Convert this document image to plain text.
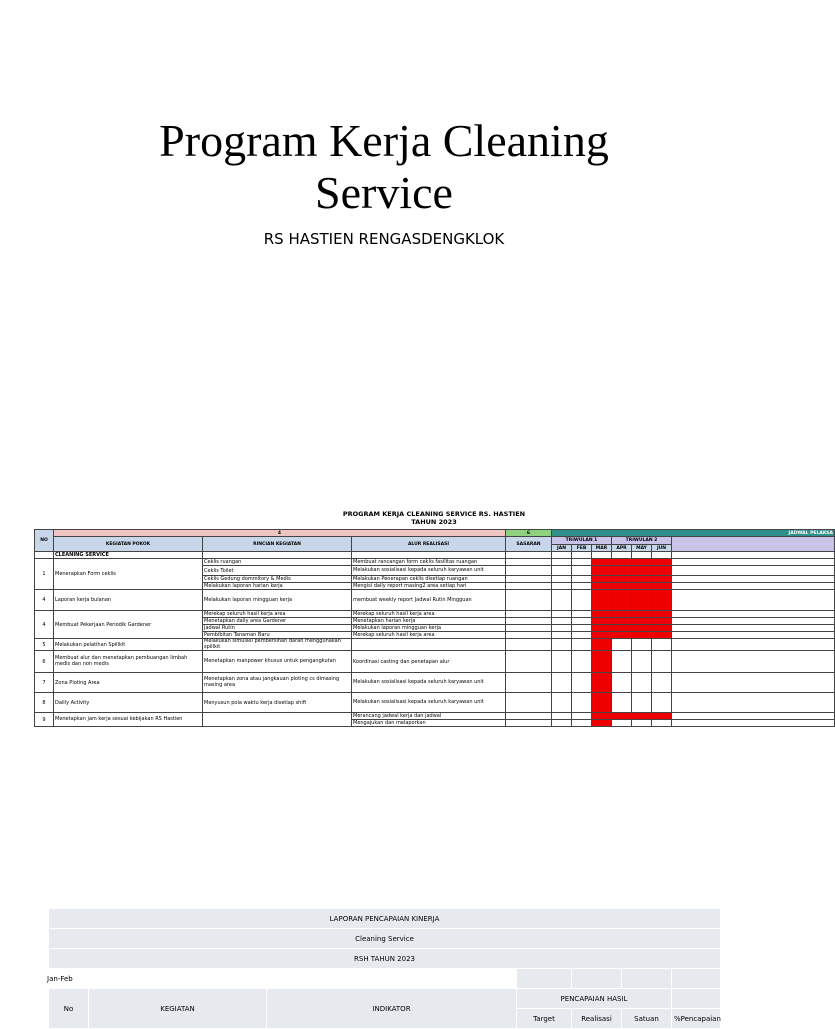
Program Kerja Cleaning
Service
RS HASTIEN RENGASDENGKLOK
PROGRAM KERJA CLEANING SERVICE RS. HASTIEN
TAHUN 2023
NO	4			6	JADWAL PELAKSA						
	KEGIATAN POKOK	RINCIAN KEGIATAN	ALUR REALISASI	SASARAN	TRIWULAN 1			TRIWULAN 2			
					JAN	FEB	MAR	APR	MAY	JUN	
	CLEANING SERVICE										
1	Menerapkan Form ceklis	Ceklis ruangan	Membuat rancangan form ceklis fasilitas ruangan								
		Ceklis Toilet	Melakukan sosialisasi kepada seluruh karyawan unit								
		Ceklis Gedung dommitory & Medis	Melakukan Penerapan ceklis disetiap ruangan								
		Melakukan laporan harian kerja	Mengisi daily report masing2 area setiap hari								
4	Laporan kerja bulanan	Melakukan laporan mingguan kerja	membuat weekly report Jadwal Rutin Mingguan								
4	Membuat Pekerjaan Periodik Gardener	Merekap seluruh hasil kerja area	Merekap seluruh hasil kerja area								
		Menetapkan daily area Gardener	Menetapkan harian kerja								
		Jadwal Rutin	Melakukan laporan mingguan kerja								
		Pembibitan Tanaman Baru	Merekap seluruh hasil kerja area								
5	Melakukan pelatihan Spillkit	Melakukan simulasi pembersihan darah menggunakan spillkit									
6	Membuat alur dan menetapkan pembuangan limbah medis dan non medis	Menetapkan manpower khusus untuk pengangkutan	Koordinasi casting dan penetapan alur								
7	Zona Ploting Area	Menetapkan zona atau jangkauan ploting cs dimasing masing area	Melakukan sosialisasi kepada seluruh karyawan unit								
8	Dailly Activity	Menyusun pola waktu kerja disetiap shift	Melakukan sosialisasi kepada seluruh karyawan unit								
9	Menetapkan jam kerja sesuai kebijakan RS Hastien		Merancang jadwal kerja dan jadwal								
			Mengajukan dan melaporkan								
LAPORAN PENCAPAIAN KINERJA
Cleaning Service
RSH TAHUN 2023
Jan-Feb					
No	KEGIATAN	INDIKATOR	PENCAPAIAN HASIL	
Target	Realisasi	Satuan	%Pencapaian
